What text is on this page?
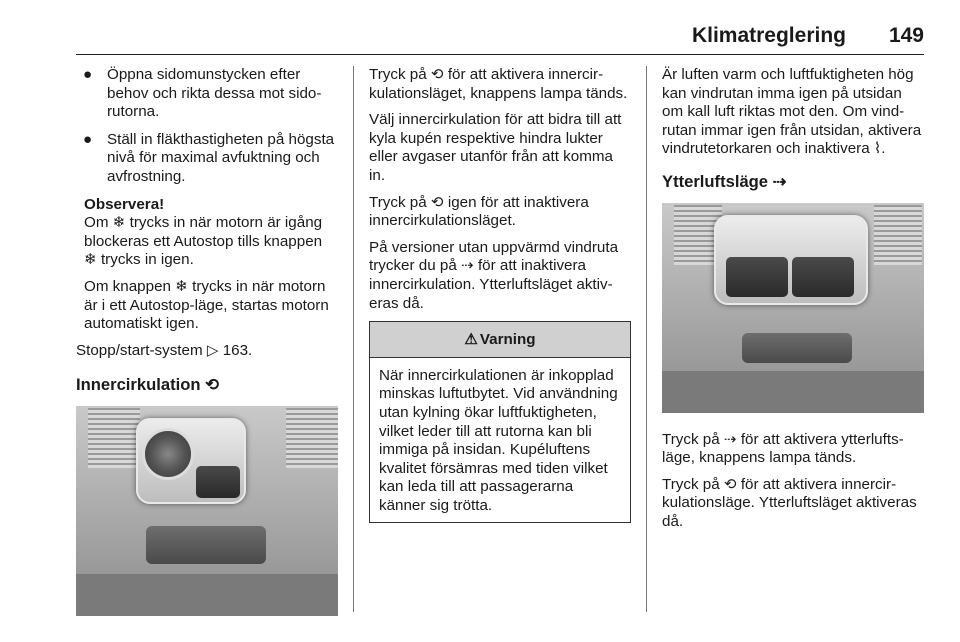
Klimatreglering 149
● Öppna sidomunstycken efter behov och rikta dessa mot sidorutorna.
● Ställ in fläkthastigheten på högsta nivå för maximal avfuktning och avfrostning.

Observera!

Om ❄ trycks in när motorn är igång blockeras ett Autostop tills knappen ❄ trycks in igen.

Om knappen ❄ trycks in när motorn är i ett Autostop-läge, startas motorn automatiskt igen.

Stopp/start-system ▷ 163.

Innercirkulation ⟲

Tryck på ⟲ för att aktivera innercirkulationsläget, knappens lampa tänds.

Välj innercirkulation för att bidra till att kyla kupén respektive hindra lukter eller avgaser utanför från att komma in.

Tryck på ⟲ igen för att inaktivera innercirkulationsläget.

På versioner utan uppvärmd vindruta trycker du på ⇢ för att inaktivera innercirkulation. Ytterluftsläget aktiveras då.

⚠ Varning
När innercirkulationen är inkopplad minskas luftutbytet. Vid användning utan kylning ökar luftfuktigheten, vilket leder till att rutorna kan bli immiga på insidan. Kupéluftens kvalitet försämras med tiden vilket kan leda till att passagerarna känner sig trötta.

Är luften varm och luftfuktigheten hög kan vindrutan imma igen på utsidan om kall luft riktas mot den. Om vindrutan immar igen från utsidan, aktivera vindrutetorkaren och inaktivera ⌇.

Ytterluftsläge ⇢

Tryck på ⇢ för att aktivera ytterluftsläge, knappens lampa tänds.

Tryck på ⟲ för att aktivera innercirkulationsläge. Ytterluftsläget aktiveras då.
